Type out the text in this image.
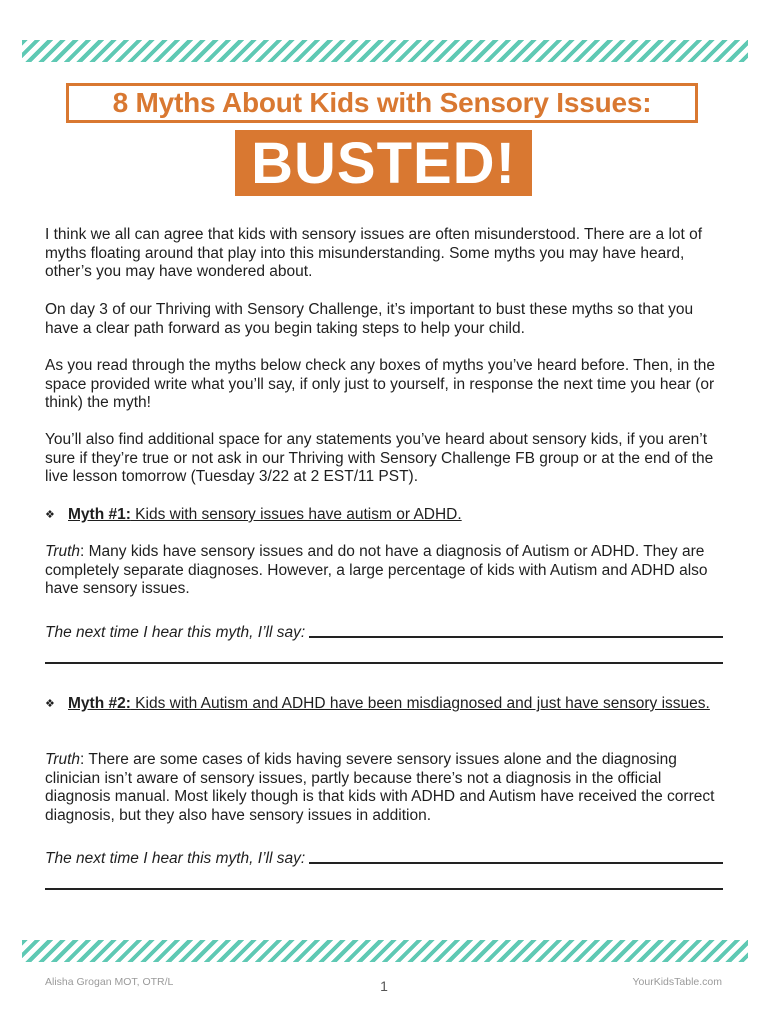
8 Myths About Kids with Sensory Issues:
BUSTED!

I think we all can agree that kids with sensory issues are often misunderstood. There are a lot of myths floating around that play into this misunderstanding. Some myths you may have heard, other’s you may have wondered about.

On day 3 of our Thriving with Sensory Challenge, it’s important to bust these myths so that you have a clear path forward as you begin taking steps to help your child.

As you read through the myths below check any boxes of myths you’ve heard before. Then, in the space provided write what you’ll say, if only just to yourself, in response the next time you hear (or think) the myth!

You’ll also find additional space for any statements you’ve heard about sensory kids, if you aren’t sure if they’re true or not ask in our Thriving with Sensory Challenge FB group or at the end of the live lesson tomorrow (Tuesday 3/22 at 2 EST/11 PST).

❖ Myth #1: Kids with sensory issues have autism or ADHD.

Truth: Many kids have sensory issues and do not have a diagnosis of Autism or ADHD. They are completely separate diagnoses. However, a large percentage of kids with Autism and ADHD also have sensory issues.

The next time I hear this myth, I’ll say:
❖ Myth #2: Kids with Autism and ADHD have been misdiagnosed and just have sensory issues.

Truth: There are some cases of kids having severe sensory issues alone and the diagnosing clinician isn’t aware of sensory issues, partly because there’s not a diagnosis in the official diagnosis manual. Most likely though is that kids with ADHD and Autism have received the correct diagnosis, but they also have sensory issues in addition.

The next time I hear this myth, I’ll say:
Alisha Grogan MOT, OTR/L	1	YourKidsTable.com
